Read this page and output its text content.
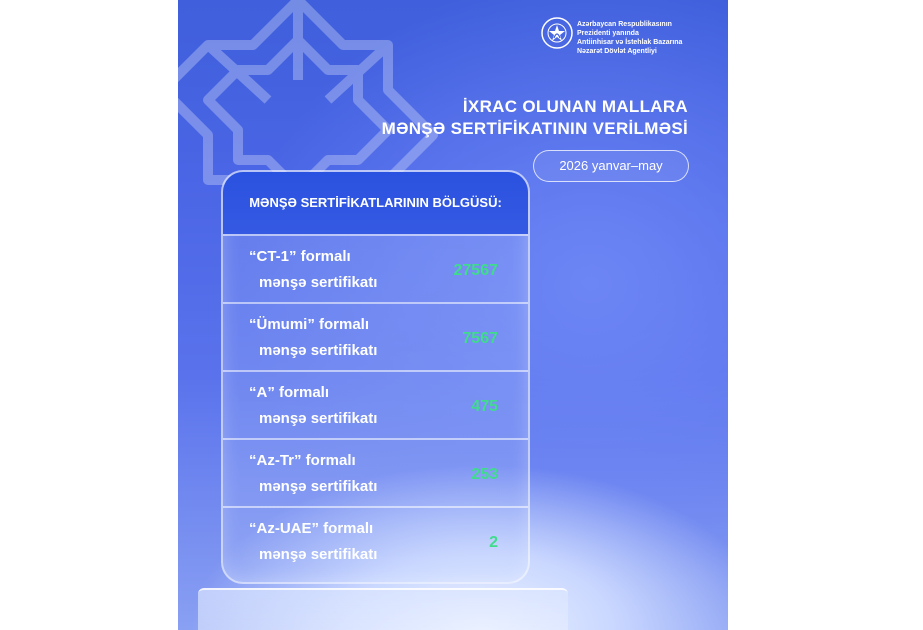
Azərbaycan Respublikasının
Prezidenti yanında
Antiinhisar və İstehlak Bazarına
Nəzarət Dövlət Agentliyi
İXRAC OLUNAN MALLARA
MƏNŞƏ SERTİFİKATININ VERİLMƏSİ
2026 yanvar–may
MƏNŞƏ SERTİFİKATLARININ BÖLGÜSÜ:
“CT-1” formalı
mənşə sertifikatı
27567
“Ümumi” formalı
mənşə sertifikatı
7567
“A” formalı
mənşə sertifikatı
475
“Az-Tr” formalı
mənşə sertifikatı
253
“Az-UAE” formalı
mənşə sertifikatı
2
